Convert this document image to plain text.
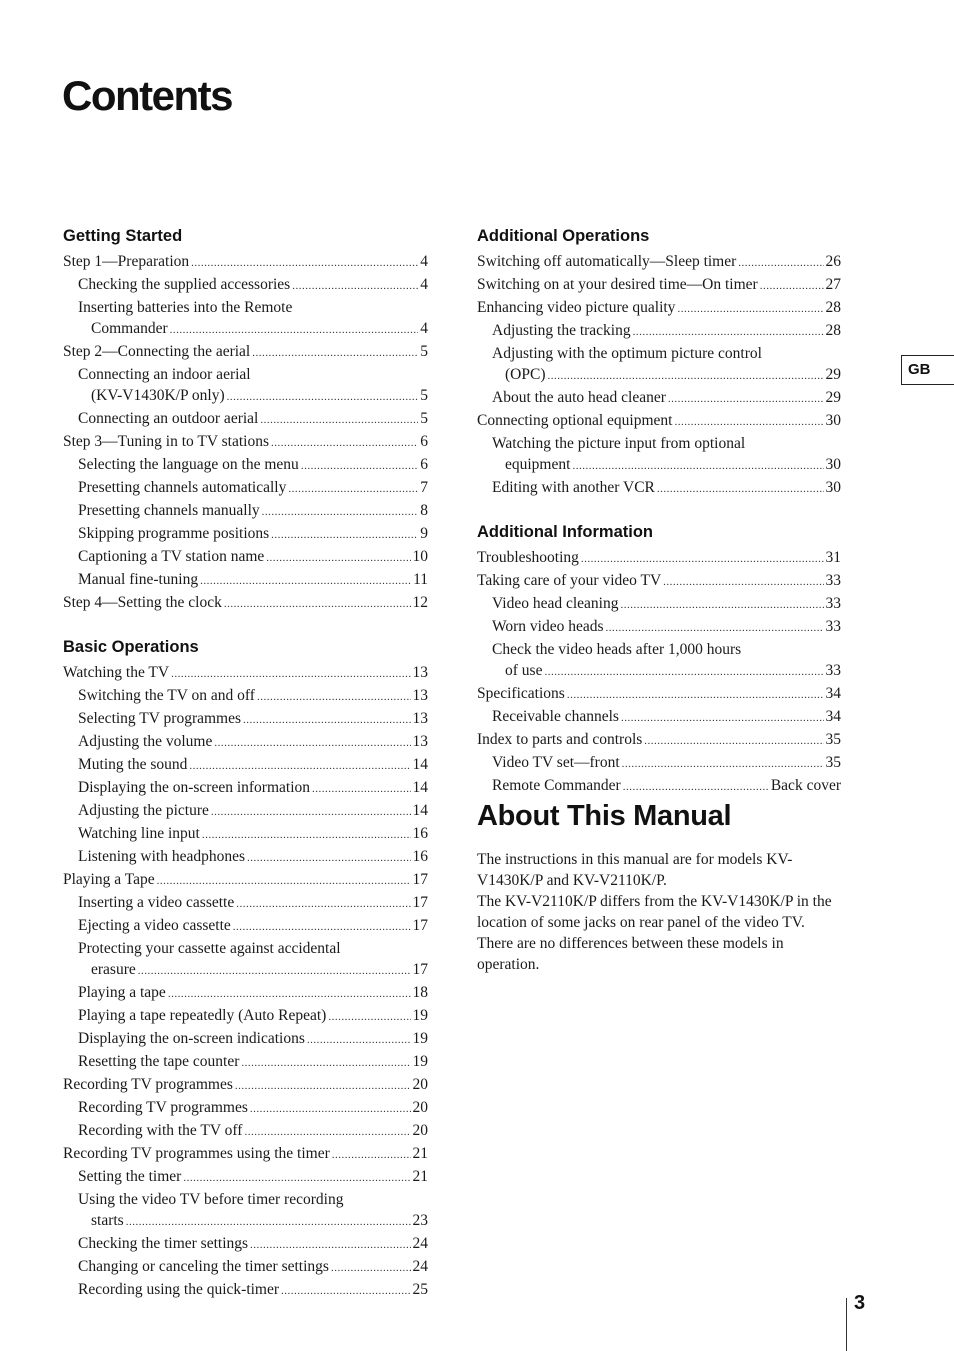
Contents
Getting Started
Step 1—Preparation .....	4
Checking the supplied accessories .....	4
Inserting batteries into the Remote
Commander .....	4
Step 2—Connecting the aerial .....	5
Connecting an indoor aerial
(KV-V1430K/P only) .....	5
Connecting an outdoor aerial .....	5
Step 3—Tuning in to TV stations .....	6
Selecting the language on the menu .....	6
Presetting channels automatically .....	7
Presetting channels manually .....	8
Skipping programme positions .....	9
Captioning a TV station name .....	10
Manual fine-tuning .....	11
Step 4—Setting the clock .....	12
Basic Operations
Watching the TV .....	13
Switching the TV on and off .....	13
Selecting TV programmes .....	13
Adjusting the volume .....	13
Muting the sound .....	14
Displaying the on-screen information .....	14
Adjusting the picture .....	14
Watching line input .....	16
Listening with headphones .....	16
Playing a Tape .....	17
Inserting a video cassette .....	17
Ejecting a video cassette .....	17
Protecting your cassette against accidental
erasure .....	17
Playing a tape .....	18
Playing a tape repeatedly (Auto Repeat) .....	19
Displaying the on-screen indications .....	19
Resetting the tape counter .....	19
Recording TV programmes .....	20
Recording TV programmes .....	20
Recording with the TV off .....	20
Recording TV programmes using the timer .....	21
Setting the timer .....	21
Using the video TV before timer recording
starts .....	23
Checking the timer settings .....	24
Changing or canceling the timer settings .....	24
Recording using the quick-timer .....	25
Additional Operations
Switching off automatically—Sleep timer .....	26
Switching on at your desired time—On timer .....	27
Enhancing video picture quality .....	28
Adjusting the tracking .....	28
Adjusting with the optimum picture control
(OPC) .....	29
About the auto head cleaner .....	29
Connecting optional equipment .....	30
Watching the picture input from optional
equipment .....	30
Editing with another VCR .....	30
Additional Information
Troubleshooting .....	31
Taking care of your video TV .....	33
Video head cleaning .....	33
Worn video heads .....	33
Check the video heads after 1,000 hours
of use .....	33
Specifications .....	34
Receivable channels .....	34
Index to parts and controls .....	35
Video TV set—front .....	35
Remote Commander .....	Back cover
About This Manual

The instructions in this manual are for models KV-V1430K/P and KV-V2110K/P.

The KV-V2110K/P differs from the KV-V1430K/P in the location of some jacks on rear panel of the video TV.

There are no differences between these models in operation.

GB
3
